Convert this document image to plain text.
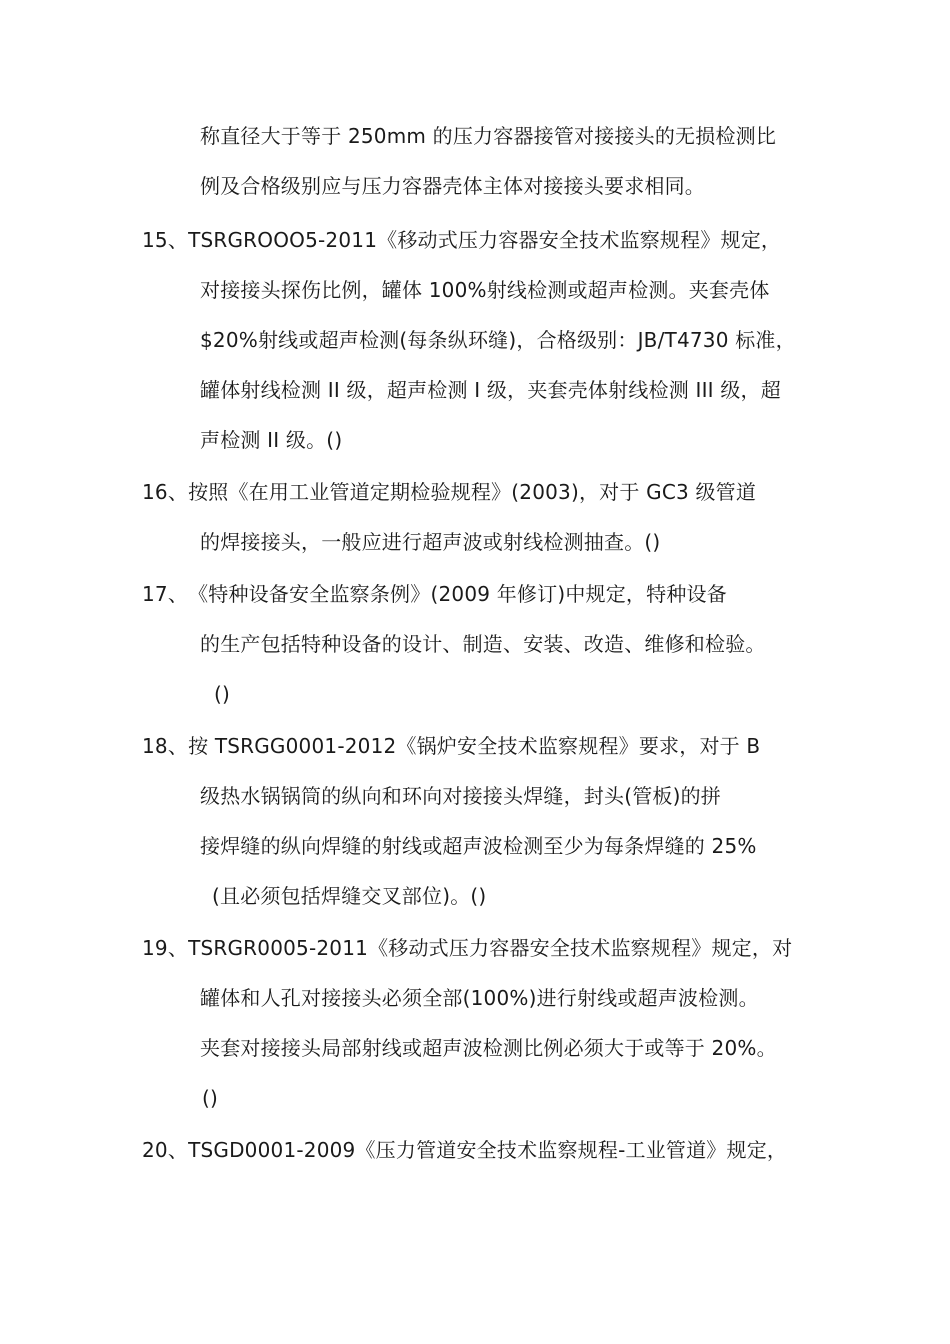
称直径大于等于 250mm 的压力容器接管对接接头的无损检测比
例及合格级别应与压力容器壳体主体对接接头要求相同。
15、TSRGROOO5-2011《移动式压力容器安全技术监察规程》规定，
对接接头探伤比例，罐体 100%射线检测或超声检测。夹套壳体
$20%射线或超声检测(每条纵环缝)，合格级别：JB/T4730 标准，
罐体射线检测 II 级，超声检测 I 级，夹套壳体射线检测 III 级，超
声检测 II 级。()
16、按照《在用工业管道定期检验规程》(2003)，对于 GC3 级管道
的焊接接头，一般应进行超声波或射线检测抽查。()
17、《特种设备安全监察条例》(2009 年修订)中规定，特种设备
的生产包括特种设备的设计、制造、安装、改造、维修和检验。
()
18、按 TSRGG0001-2012《锅炉安全技术监察规程》要求，对于 B
级热水锅锅筒的纵向和环向对接接头焊缝，封头(管板)的拼
接焊缝的纵向焊缝的射线或超声波检测至少为每条焊缝的 25%
(且必须包括焊缝交叉部位)。()
19、TSRGR0005-2011《移动式压力容器安全技术监察规程》规定，对
罐体和人孔对接接头必须全部(100%)进行射线或超声波检测。
夹套对接接头局部射线或超声波检测比例必须大于或等于 20%。
()
20、TSGD0001-2009《压力管道安全技术监察规程-工业管道》规定，
